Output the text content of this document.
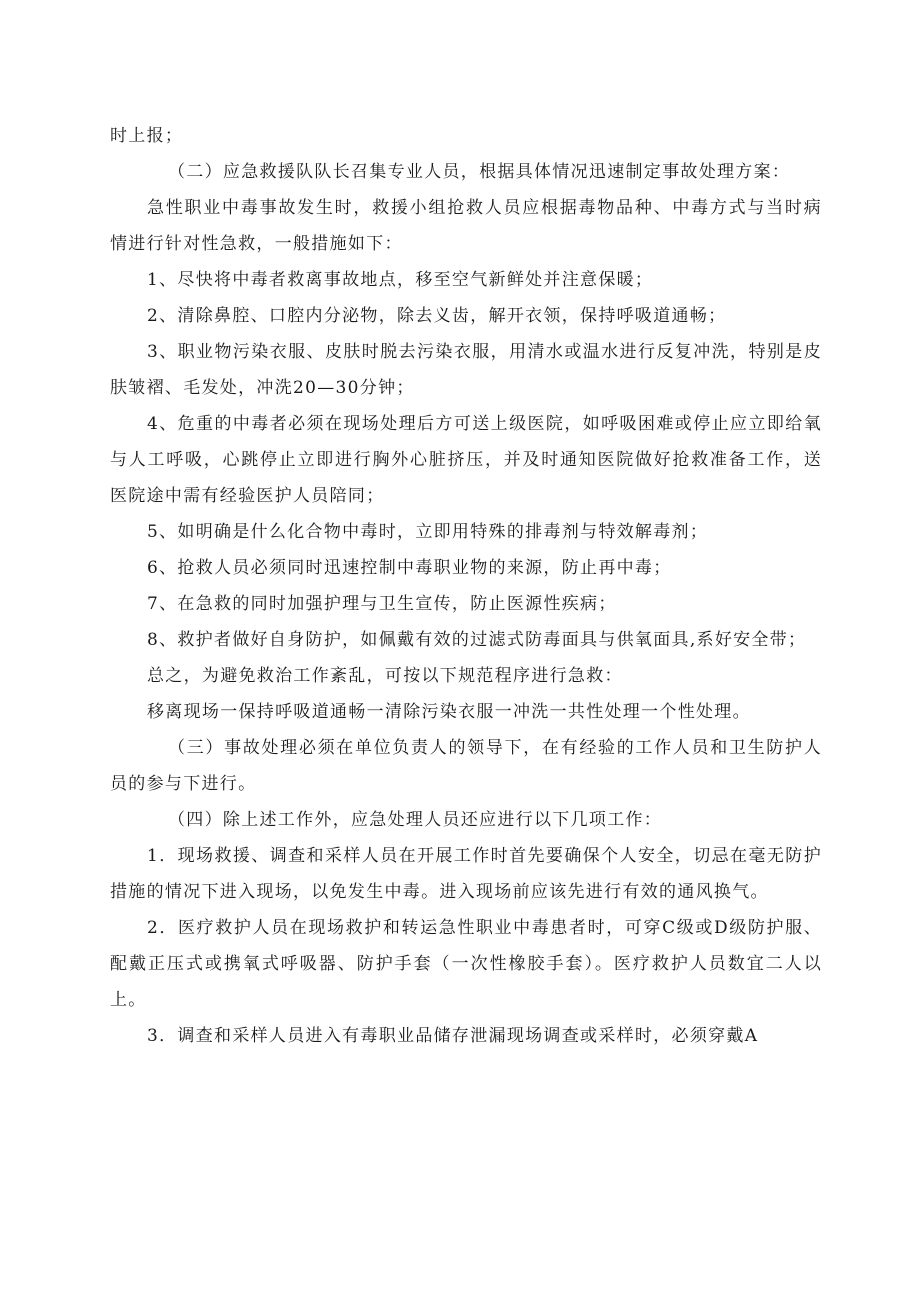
时上报；

（二）应急救援队队长召集专业人员，根据具体情况迅速制定事故处理方案：

急性职业中毒事故发生时，救援小组抢救人员应根据毒物品种、中毒方式与当时病情进行针对性急救，一般措施如下：

1、尽快将中毒者救离事故地点，移至空气新鲜处并注意保暖；

2、清除鼻腔、口腔内分泌物，除去义齿，解开衣领，保持呼吸道通畅；

3、职业物污染衣服、皮肤时脱去污染衣服，用清水或温水进行反复冲洗，特别是皮肤皱褶、毛发处，冲洗20—30分钟；

4、危重的中毒者必须在现场处理后方可送上级医院，如呼吸困难或停止应立即给氧与人工呼吸，心跳停止立即进行胸外心脏挤压，并及时通知医院做好抢救准备工作，送医院途中需有经验医护人员陪同；

5、如明确是什么化合物中毒时，立即用特殊的排毒剂与特效解毒剂；

6、抢救人员必须同时迅速控制中毒职业物的来源，防止再中毒；

7、在急救的同时加强护理与卫生宣传，防止医源性疾病；

8、救护者做好自身防护，如佩戴有效的过滤式防毒面具与供氧面具,系好安全带；

总之，为避免救治工作紊乱，可按以下规范程序进行急救：

移离现场一保持呼吸道通畅一清除污染衣服一冲洗一共性处理一个性处理。

（三）事故处理必须在单位负责人的领导下，在有经验的工作人员和卫生防护人员的参与下进行。

（四）除上述工作外，应急处理人员还应进行以下几项工作：

1．现场救援、调查和采样人员在开展工作时首先要确保个人安全，切忌在毫无防护措施的情况下进入现场，以免发生中毒。进入现场前应该先进行有效的通风换气。

2．医疗救护人员在现场救护和转运急性职业中毒患者时，可穿C级或D级防护服、配戴正压式或携氧式呼吸器、防护手套（一次性橡胶手套）。医疗救护人员数宜二人以上。

3．调查和采样人员进入有毒职业品储存泄漏现场调查或采样时，必须穿戴A
